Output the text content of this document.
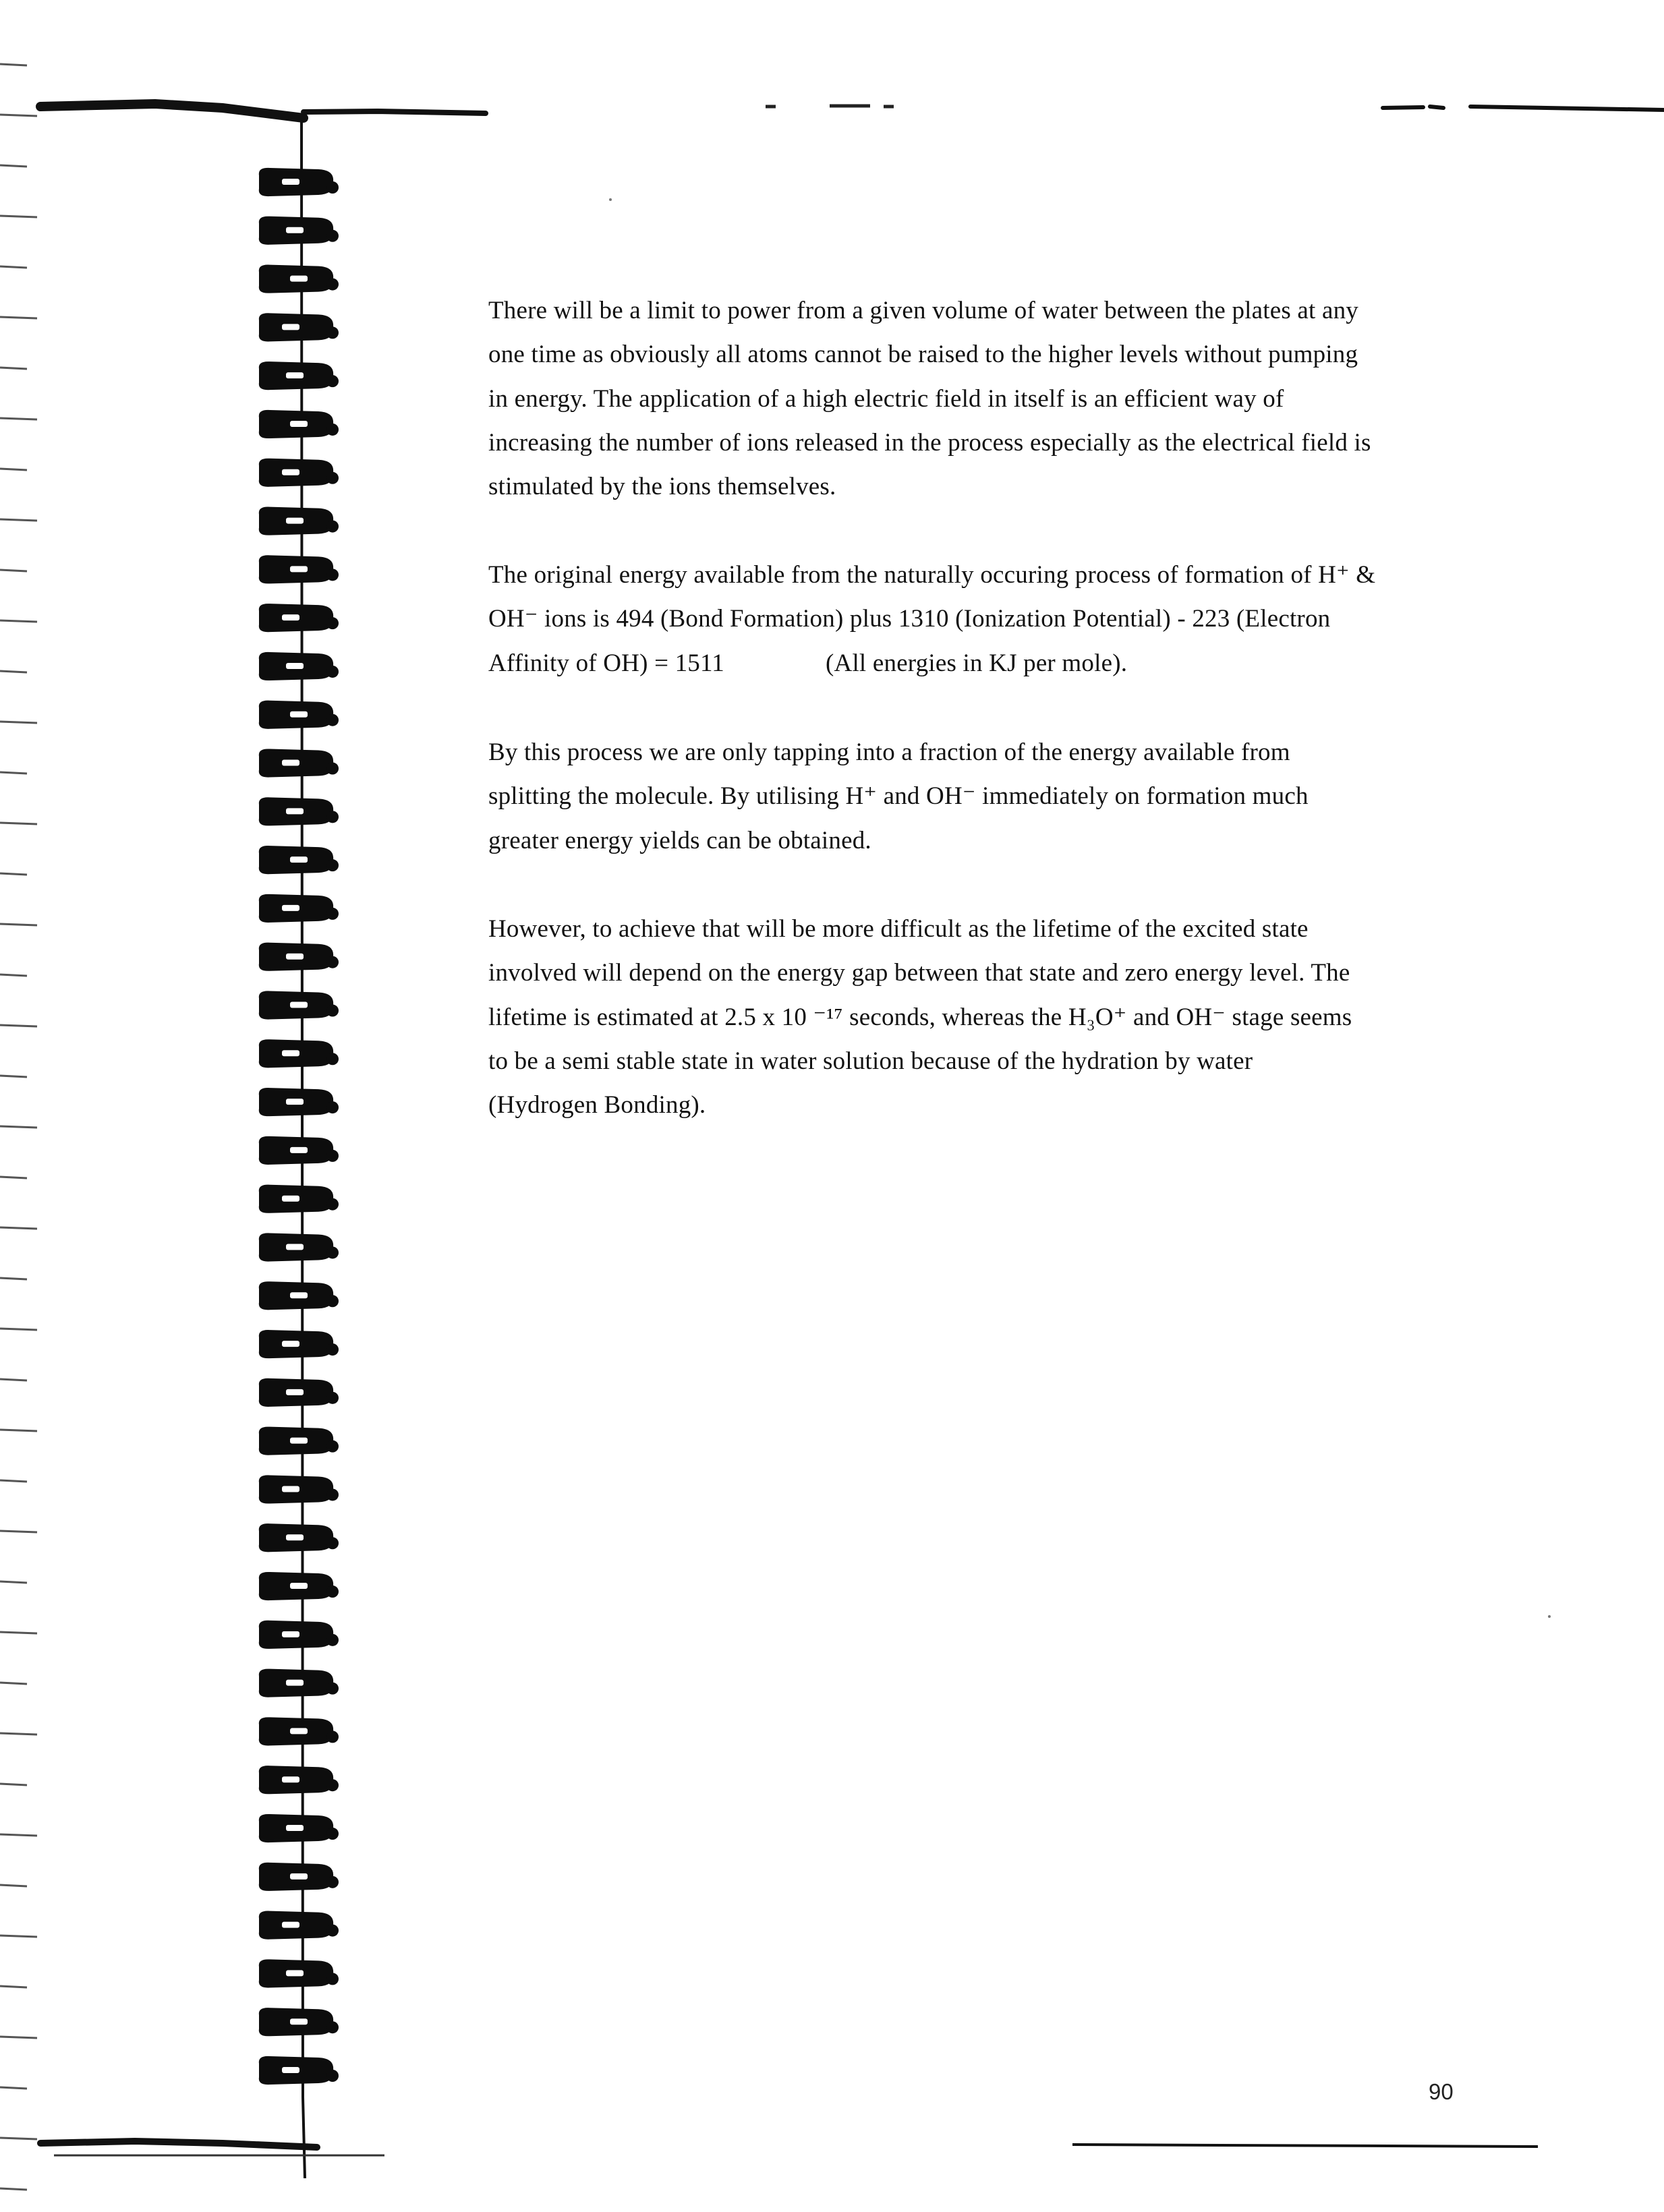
There will be a limit to power from a given volume of water between the plates at any
one time as obviously all atoms cannot be raised to the higher levels without pumping
in energy. The application of a high electric field in itself is an efficient way of
increasing the number of ions released in the process especially as the electrical field is
stimulated by the ions themselves.

The original energy available from the naturally occuring process of formation of H⁺ &
OH⁻ ions is 494 (Bond Formation) plus 1310 (Ionization Potential) - 223 (Electron
Affinity of OH) = 1511	(All energies in KJ per mole).

By this process we are only tapping into a fraction of the energy available from
splitting the molecule. By utilising H⁺ and OH⁻ immediately on formation much
greater energy yields can be obtained.

However, to achieve that will be more difficult as the lifetime of the excited state
involved will depend on the energy gap between that state and zero energy level. The
lifetime is estimated at 2.5 x 10 ⁻¹⁷ seconds, whereas the H₃O⁺ and OH⁻ stage seems
to be a semi stable state in water solution because of the hydration by water
(Hydrogen Bonding).

90
